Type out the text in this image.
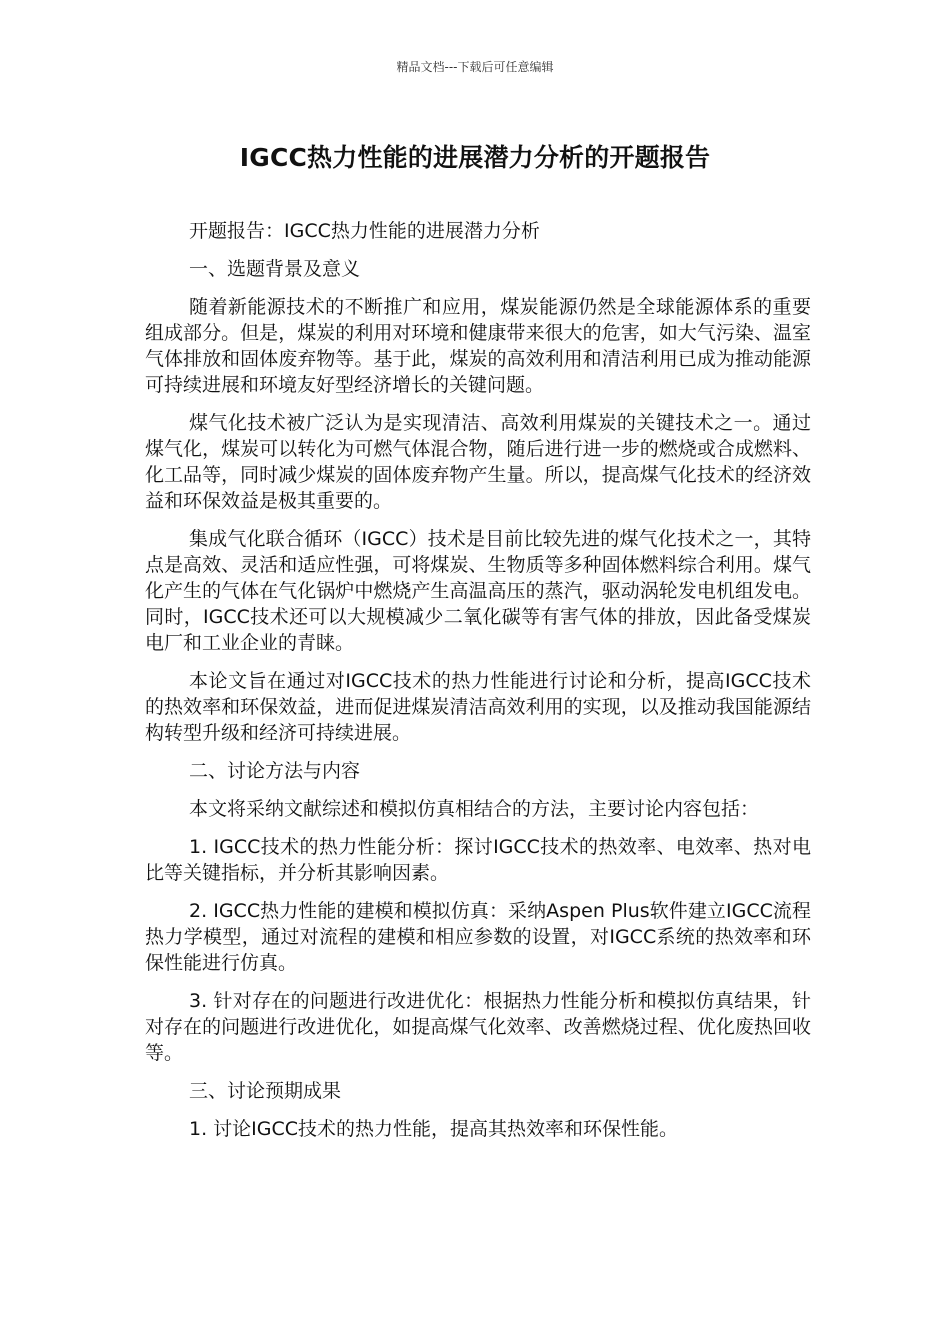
精品文档---下载后可任意编辑
IGCC热力性能的进展潜力分析的开题报告

开题报告：IGCC热力性能的进展潜力分析

一、选题背景及意义

随着新能源技术的不断推广和应用，煤炭能源仍然是全球能源体系的重要组成部分。但是，煤炭的利用对环境和健康带来很大的危害，如大气污染、温室气体排放和固体废弃物等。基于此，煤炭的高效利用和清洁利用已成为推动能源可持续进展和环境友好型经济增长的关键问题。

煤气化技术被广泛认为是实现清洁、高效利用煤炭的关键技术之一。通过煤气化，煤炭可以转化为可燃气体混合物，随后进行进一步的燃烧或合成燃料、化工品等，同时减少煤炭的固体废弃物产生量。所以，提高煤气化技术的经济效益和环保效益是极其重要的。

集成气化联合循环（IGCC）技术是目前比较先进的煤气化技术之一，其特点是高效、灵活和适应性强，可将煤炭、生物质等多种固体燃料综合利用。煤气化产生的气体在气化锅炉中燃烧产生高温高压的蒸汽，驱动涡轮发电机组发电。同时，IGCC技术还可以大规模减少二氧化碳等有害气体的排放，因此备受煤炭电厂和工业企业的青睐。

本论文旨在通过对IGCC技术的热力性能进行讨论和分析，提高IGCC技术的热效率和环保效益，进而促进煤炭清洁高效利用的实现，以及推动我国能源结构转型升级和经济可持续进展。

二、讨论方法与内容

本文将采纳文献综述和模拟仿真相结合的方法，主要讨论内容包括：

1. IGCC技术的热力性能分析：探讨IGCC技术的热效率、电效率、热对电比等关键指标，并分析其影响因素。

2. IGCC热力性能的建模和模拟仿真：采纳Aspen Plus软件建立IGCC流程热力学模型，通过对流程的建模和相应参数的设置，对IGCC系统的热效率和环保性能进行仿真。

3. 针对存在的问题进行改进优化：根据热力性能分析和模拟仿真结果，针对存在的问题进行改进优化，如提高煤气化效率、改善燃烧过程、优化废热回收等。

三、讨论预期成果

1. 讨论IGCC技术的热力性能，提高其热效率和环保性能。
